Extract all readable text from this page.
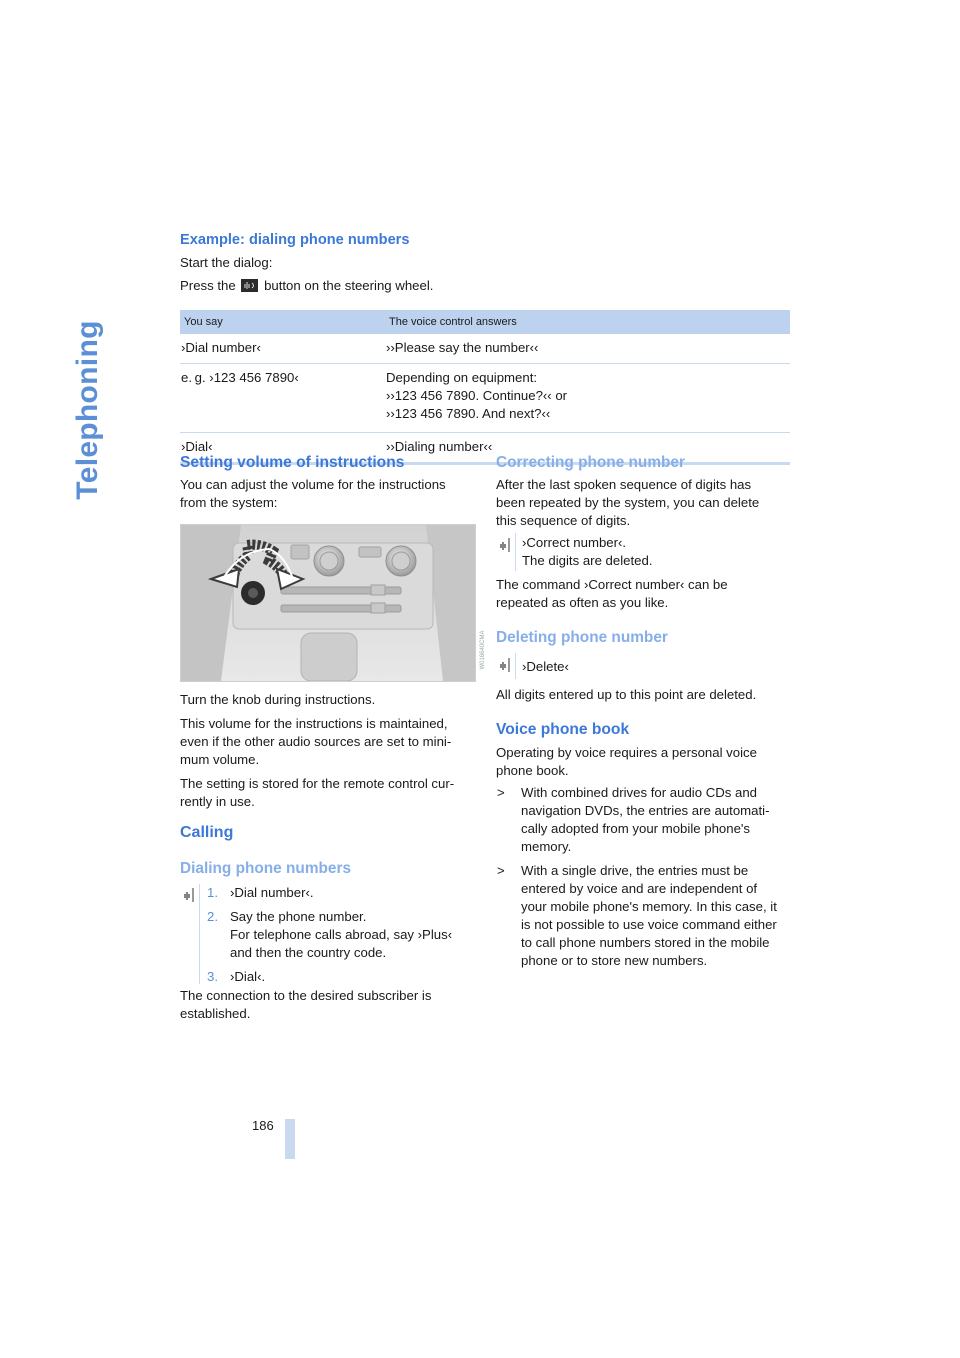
Telephoning
Example: dialing phone numbers
Start the dialog:
Press the button on the steering wheel.
You say	The voice control answers
›Dial number‹	››Please say the number‹‹
e. g. ›123 456 7890‹	Depending on equipment:
››123 456 7890. Continue?‹‹ or
››123 456 7890. And next?‹‹

›Dial‹	››Dialing number‹‹
Setting volume of instructions
You can adjust the volume for the instructions
from the system:
W016640CMA

Turn the knob during instructions.

This volume for the instructions is maintained, even if the other audio sources are set to mini-mum volume.

The setting is stored for the remote control cur-rently in use.

Calling
Dialing phone numbers
1. ›Dial number‹.
2. Say the phone number.
For telephone calls abroad, say ›Plus‹
and then the country code.
3. ›Dial‹.
The connection to the desired subscriber is
established.
Correcting phone number
After the last spoken sequence of digits has
been repeated by the system, you can delete
this sequence of digits.
›Correct number‹.
The digits are deleted.
The command ›Correct number‹ can be
repeated as often as you like.
Deleting phone number
›Delete‹
All digits entered up to this point are deleted.
Voice phone book
Operating by voice requires a personal voice
phone book.
> With combined drives for audio CDs and
navigation DVDs, the entries are automati-
cally adopted from your mobile phone's
memory.
> With a single drive, the entries must be
entered by voice and are independent of
your mobile phone's memory. In this case, it
is not possible to use voice command either
to call phone numbers stored in the mobile
phone or to store new numbers.
186
